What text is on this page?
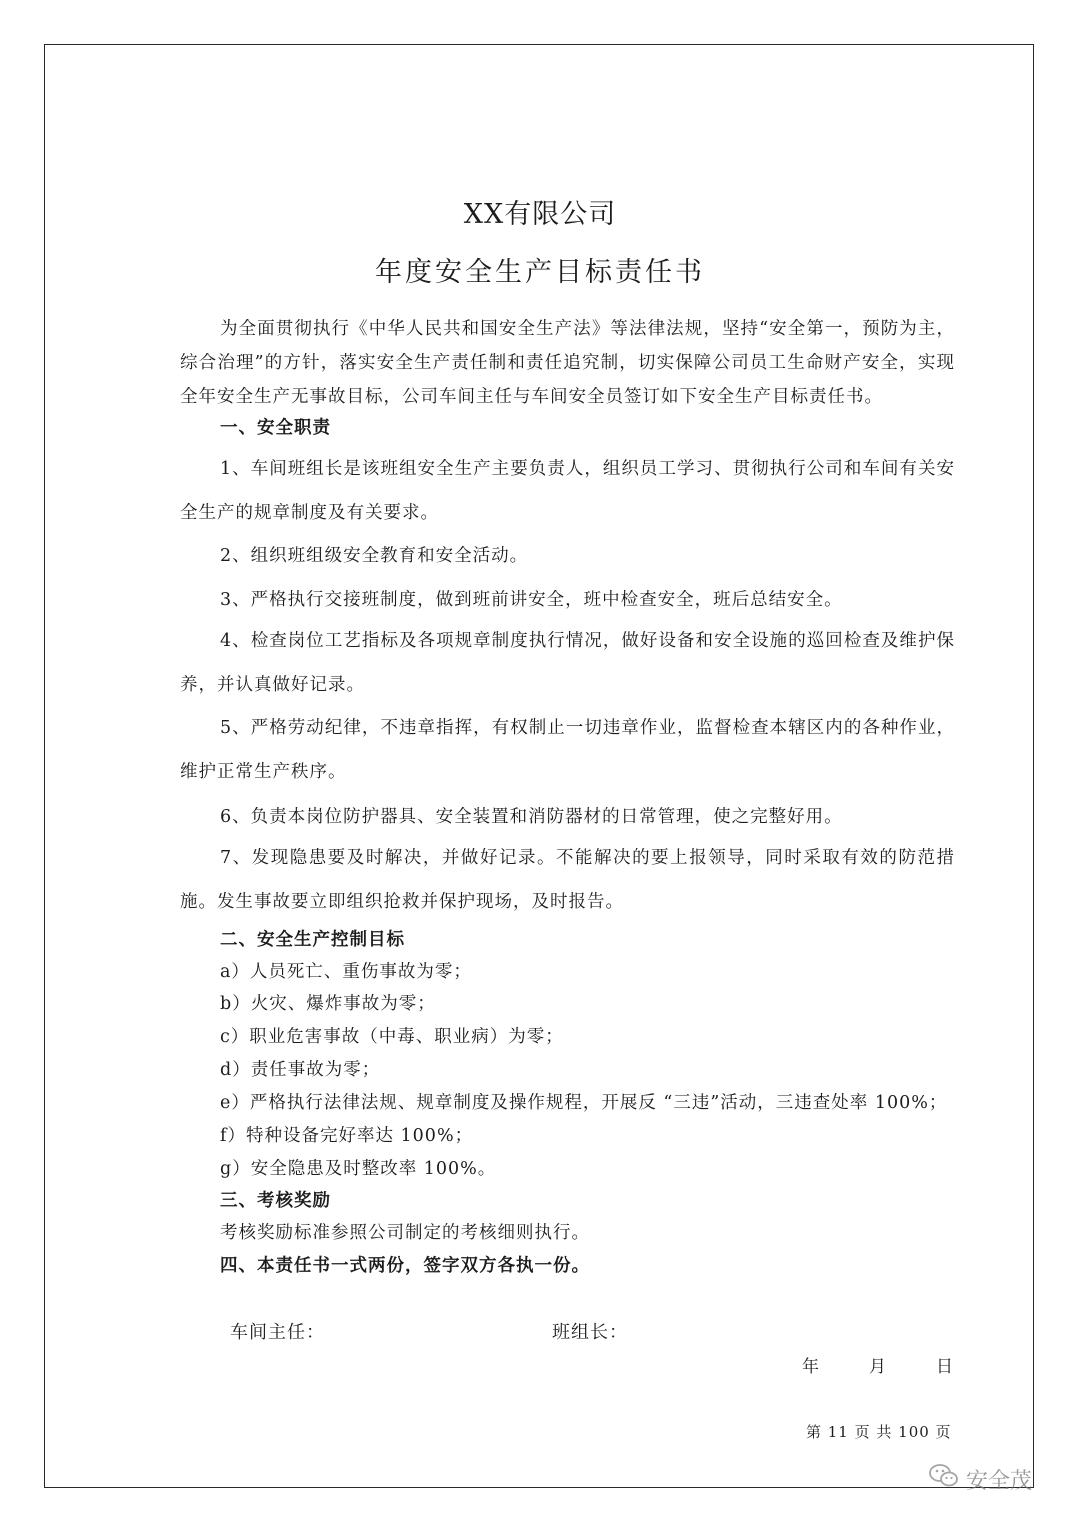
XX有限公司
年度安全生产目标责任书
为全面贯彻执行《中华人民共和国安全生产法》等法律法规，坚持“安全第一，预防为主，综合治理”的方针，落实安全生产责任制和责任追究制，切实保障公司员工生命财产安全，实现全年安全生产无事故目标，公司车间主任与车间安全员签订如下安全生产目标责任书。
一、安全职责
1、车间班组长是该班组安全生产主要负责人，组织员工学习、贯彻执行公司和车间有关安全生产的规章制度及有关要求。
2、组织班组级安全教育和安全活动。
3、严格执行交接班制度，做到班前讲安全，班中检查安全，班后总结安全。
4、检查岗位工艺指标及各项规章制度执行情况，做好设备和安全设施的巡回检查及维护保养，并认真做好记录。
5、严格劳动纪律，不违章指挥，有权制止一切违章作业，监督检查本辖区内的各种作业，维护正常生产秩序。
6、负责本岗位防护器具、安全装置和消防器材的日常管理，使之完整好用。
7、发现隐患要及时解决，并做好记录。不能解决的要上报领导，同时采取有效的防范措施。发生事故要立即组织抢救并保护现场，及时报告。
二、安全生产控制目标
a）人员死亡、重伤事故为零；
b）火灾、爆炸事故为零；
c）职业危害事故（中毒、职业病）为零；
d）责任事故为零；
e）严格执行法律法规、规章制度及操作规程，开展反 “三违”活动，三违查处率 100%；
f）特种设备完好率达 100%；
g）安全隐患及时整改率 100%。
三、考核奖励
考核奖励标准参照公司制定的考核细则执行。
四、本责任书一式两份，签字双方各执一份。
车间主任：	班组长：
年	月	日
第 11 页 共 100 页
安全茂
